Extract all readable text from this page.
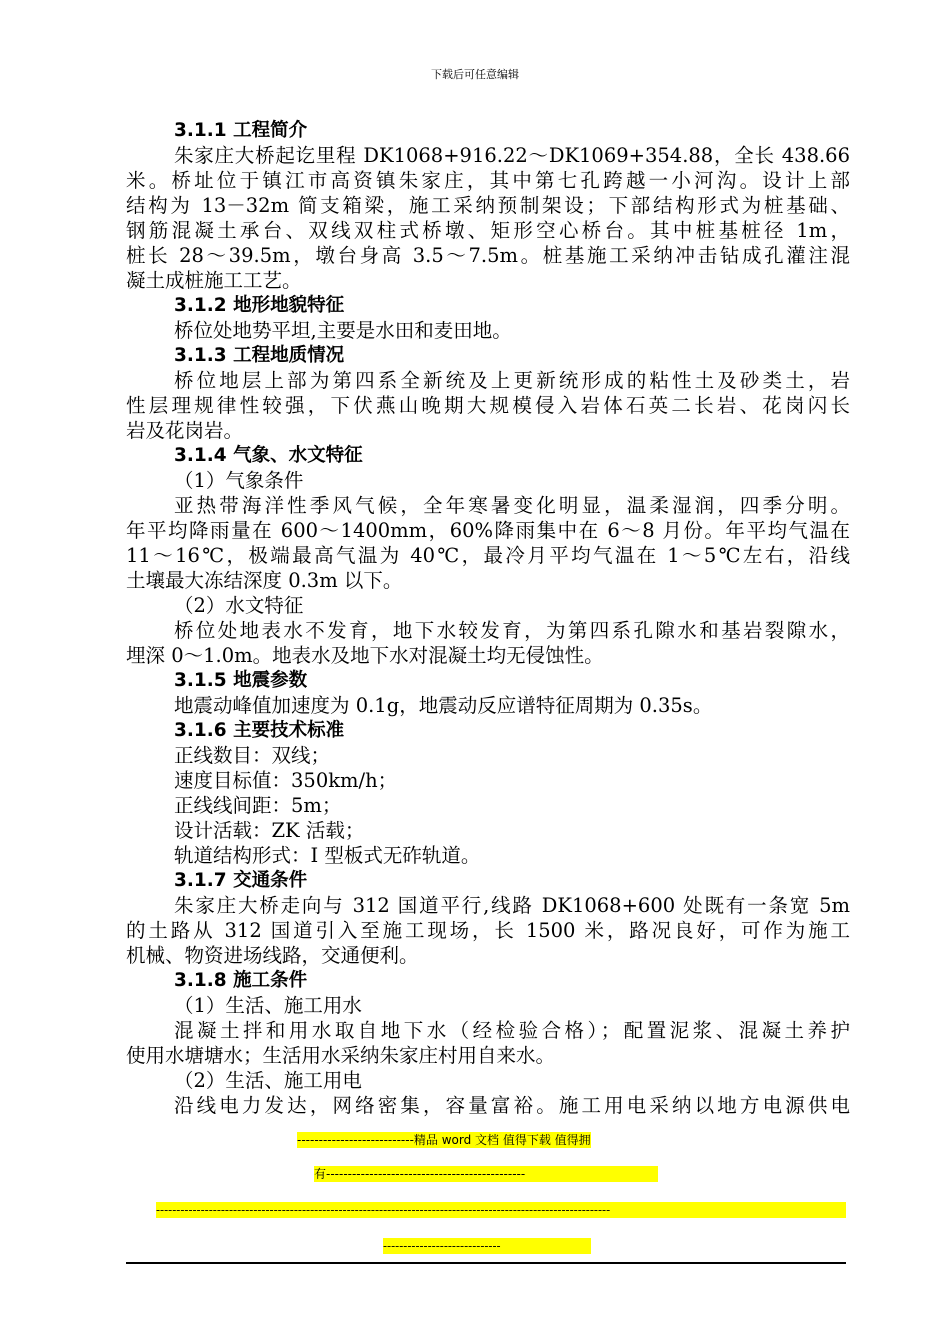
下载后可任意编辑
3.1.1 工程简介
朱家庄大桥起讫里程 DK1068+916.22～DK1069+354.88，全长 438.66
米。桥址位于镇江市高资镇朱家庄，其中第七孔跨越一小河沟。设计上部
结构为 13－32m 简支箱梁，施工采纳预制架设；下部结构形式为桩基础、
钢筋混凝土承台、双线双柱式桥墩、矩形空心桥台。其中桩基桩径 1m，
桩长 28～39.5m，墩台身高 3.5～7.5m。桩基施工采纳冲击钻成孔灌注混
凝土成桩施工工艺。
3.1.2 地形地貌特征
桥位处地势平坦,主要是水田和麦田地。
3.1.3 工程地质情况
桥位地层上部为第四系全新统及上更新统形成的粘性土及砂类土，岩
性层理规律性较强，下伏燕山晚期大规模侵入岩体石英二长岩、花岗闪长
岩及花岗岩。
3.1.4 气象、水文特征
（1）气象条件
亚热带海洋性季风气候，全年寒暑变化明显，温柔湿润，四季分明。
年平均降雨量在 600～1400mm，60%降雨集中在 6～8 月份。年平均气温在
11～16℃，极端最高气温为 40℃，最冷月平均气温在 1～5℃左右，沿线
土壤最大冻结深度 0.3m 以下。
（2）水文特征
桥位处地表水不发育，地下水较发育，为第四系孔隙水和基岩裂隙水，
埋深 0～1.0m。地表水及地下水对混凝土均无侵蚀性。
3.1.5 地震参数
地震动峰值加速度为 0.1g，地震动反应谱特征周期为 0.35s。
3.1.6 主要技术标准
正线数目：双线；
速度目标值：350km/h；
正线线间距：5m；
设计活载：ZK 活载；
轨道结构形式：I 型板式无砟轨道。
3.1.7 交通条件
朱家庄大桥走向与 312 国道平行,线路 DK1068+600 处既有一条宽 5m
的土路从 312 国道引入至施工现场，长 1500 米，路况良好，可作为施工
机械、物资进场线路，交通便利。
3.1.8 施工条件
（1）生活、施工用水
混凝土拌和用水取自地下水（经检验合格）；配置泥浆、混凝土养护
使用水塘塘水；生活用水采纳朱家庄村用自来水。
（2）生活、施工用电
沿线电力发达，网络密集，容量富裕。施工用电采纳以地方电源供电
---------------------------精品 word 文档 值得下载 值得拥
有----------------------------------------------
----------------------------------------------------------------------------------------------------------------
-----------------------------
